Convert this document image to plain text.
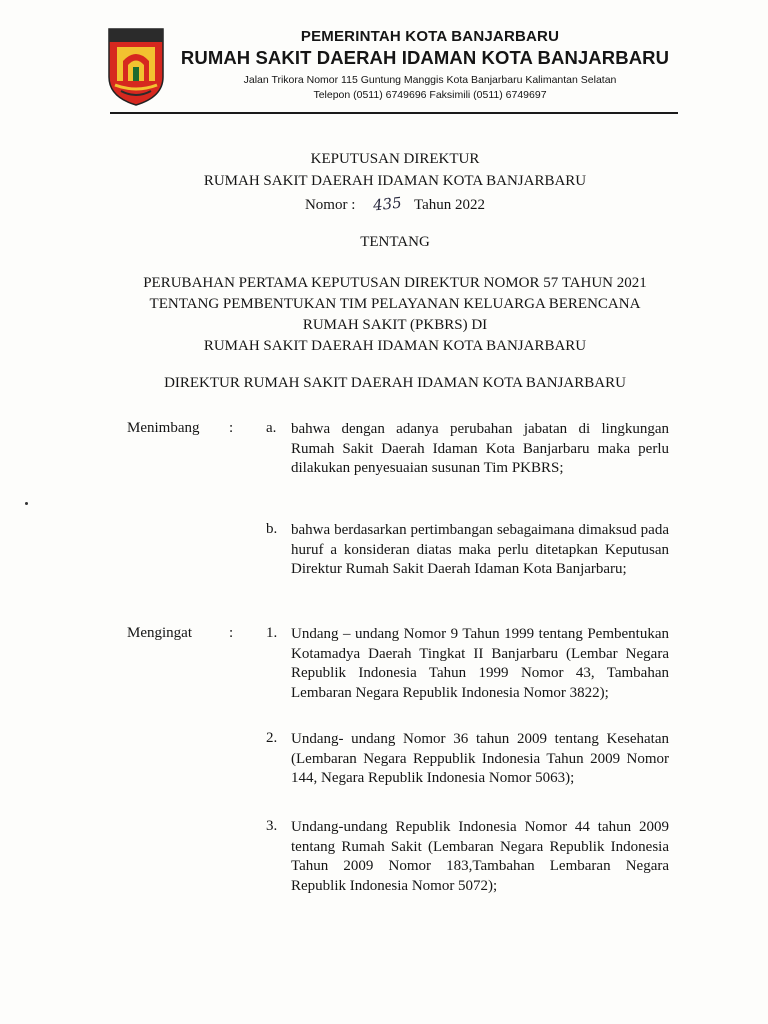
PEMERINTAH KOTA BANJARBARU
RUMAH SAKIT DAERAH IDAMAN KOTA BANJARBARU
Jalan Trikora Nomor 115 Guntung Manggis Kota Banjarbaru Kalimantan Selatan
Telepon (0511) 6749696 Faksimili (0511) 6749697
KEPUTUSAN DIREKTUR
RUMAH SAKIT DAERAH IDAMAN KOTA BANJARBARU
Nomor : 435 Tahun 2022
TENTANG
PERUBAHAN PERTAMA KEPUTUSAN DIREKTUR NOMOR 57 TAHUN 2021
TENTANG PEMBENTUKAN TIM PELAYANAN KELUARGA BERENCANA
RUMAH SAKIT (PKBRS) DI
RUMAH SAKIT DAERAH IDAMAN KOTA BANJARBARU
DIREKTUR RUMAH SAKIT DAERAH IDAMAN KOTA BANJARBARU
Menimbang : a. bahwa dengan adanya perubahan jabatan di lingkungan Rumah Sakit Daerah Idaman Kota Banjarbaru maka perlu dilakukan penyesuaian susunan Tim PKBRS;
b. bahwa berdasarkan pertimbangan sebagaimana dimaksud pada huruf a konsideran diatas maka perlu ditetapkan Keputusan Direktur Rumah Sakit Daerah Idaman Kota Banjarbaru;
Mengingat : 1. Undang – undang Nomor 9 Tahun 1999 tentang Pembentukan Kotamadya Daerah Tingkat II Banjarbaru (Lembar Negara Republik Indonesia Tahun 1999 Nomor 43, Tambahan Lembaran Negara Republik Indonesia Nomor 3822);
2. Undang- undang Nomor 36 tahun 2009 tentang Kesehatan (Lembaran Negara Reppublik Indonesia Tahun 2009 Nomor 144, Negara Republik Indonesia Nomor 5063);
3. Undang-undang Republik Indonesia Nomor 44 tahun 2009 tentang Rumah Sakit (Lembaran Negara Republik Indonesia Tahun 2009 Nomor 183,Tambahan Lembaran Negara Republik Indonesia Nomor 5072);
